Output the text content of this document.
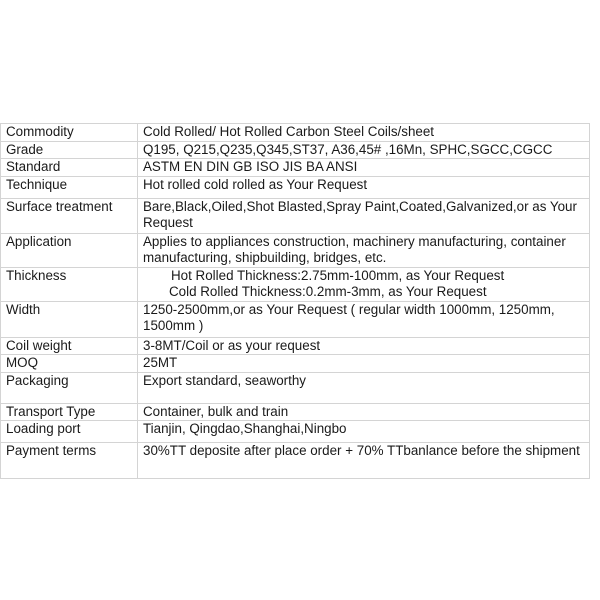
Commodity	Cold Rolled/ Hot Rolled Carbon Steel Coils/sheet
Grade	Q195, Q215,Q235,Q345,ST37, A36,45# ,16Mn, SPHC,SGCC,CGCC
Standard	ASTM EN DIN GB ISO JIS BA ANSI
Technique	Hot rolled cold rolled as Your Request
Surface treatment	Bare,Black,Oiled,Shot Blasted,Spray Paint,Coated,Galvanized,or as Your Request
Application	Applies to appliances construction, machinery manufacturing, container manufacturing, shipbuilding, bridges, etc.
Thickness	Hot Rolled Thickness:2.75mm-100mm, as Your Request
Cold Rolled Thickness:0.2mm-3mm, as Your Request

Width	1250-2500mm,or as Your Request ( regular width 1000mm, 1250mm, 1500mm )
Coil weight	3-8MT/Coil or as your request
MOQ	25MT
Packaging	Export standard, seaworthy
Transport Type	Container, bulk and train
Loading port	Tianjin, Qingdao,Shanghai,Ningbo
Payment terms	30%TT deposite after place order + 70% TTbanlance before the shipment
